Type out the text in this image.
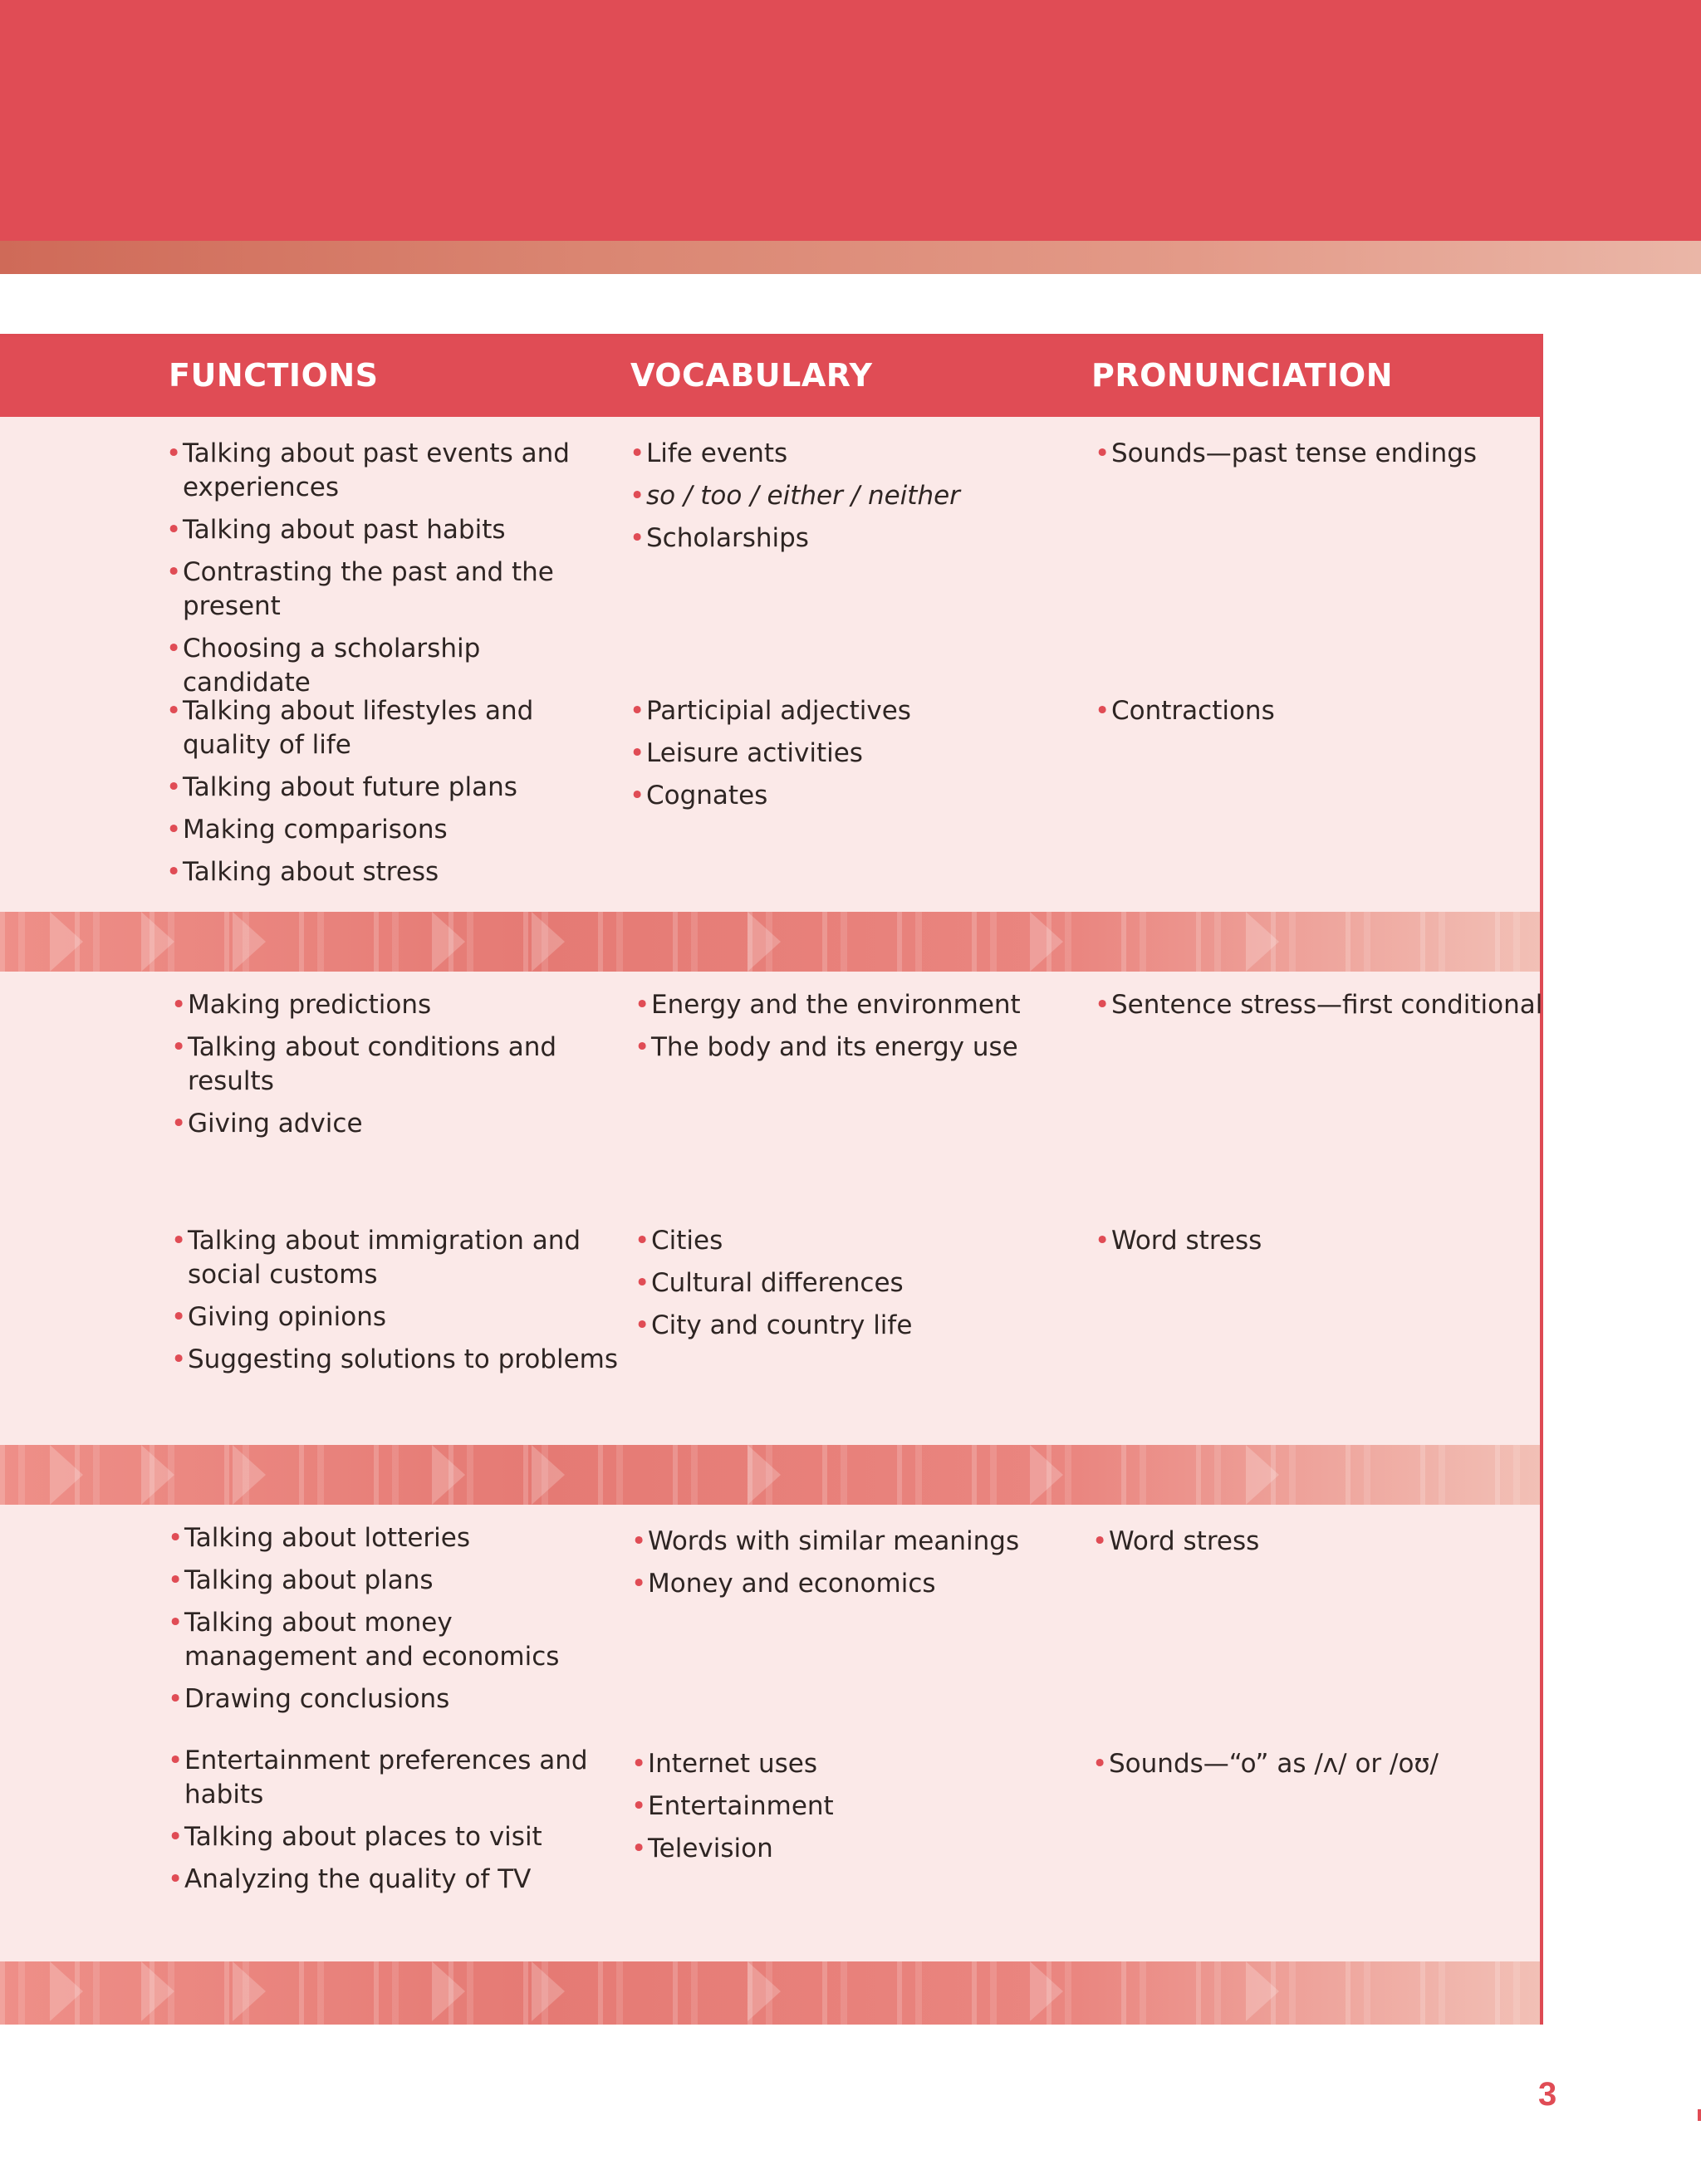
FUNCTIONS	VOCABULARY	PRONUNCIATION
• Talking about past events and experiences
• Talking about past habits
• Contrasting the past and the present
• Choosing a scholarship candidate
• Life events
• so / too / either / neither
• Scholarships
• Sounds—past tense endings
• Talking about lifestyles and quality of life
• Talking about future plans
• Making comparisons
• Talking about stress
• Participial adjectives
• Leisure activities
• Cognates
• Contractions
• Making predictions
• Talking about conditions and results
• Giving advice
• Energy and the environment
• The body and its energy use
• Sentence stress—first conditional
• Talking about immigration and social customs
• Giving opinions
• Suggesting solutions to problems
• Cities
• Cultural differences
• City and country life
• Word stress
• Talking about lotteries
• Talking about plans
• Talking about money management and economics
• Drawing conclusions
• Words with similar meanings
• Money and economics
• Word stress
• Entertainment preferences and habits
• Talking about places to visit
• Analyzing the quality of TV
• Internet uses
• Entertainment
• Television
• Sounds—“o” as /ʌ/ or /oʊ/
3
